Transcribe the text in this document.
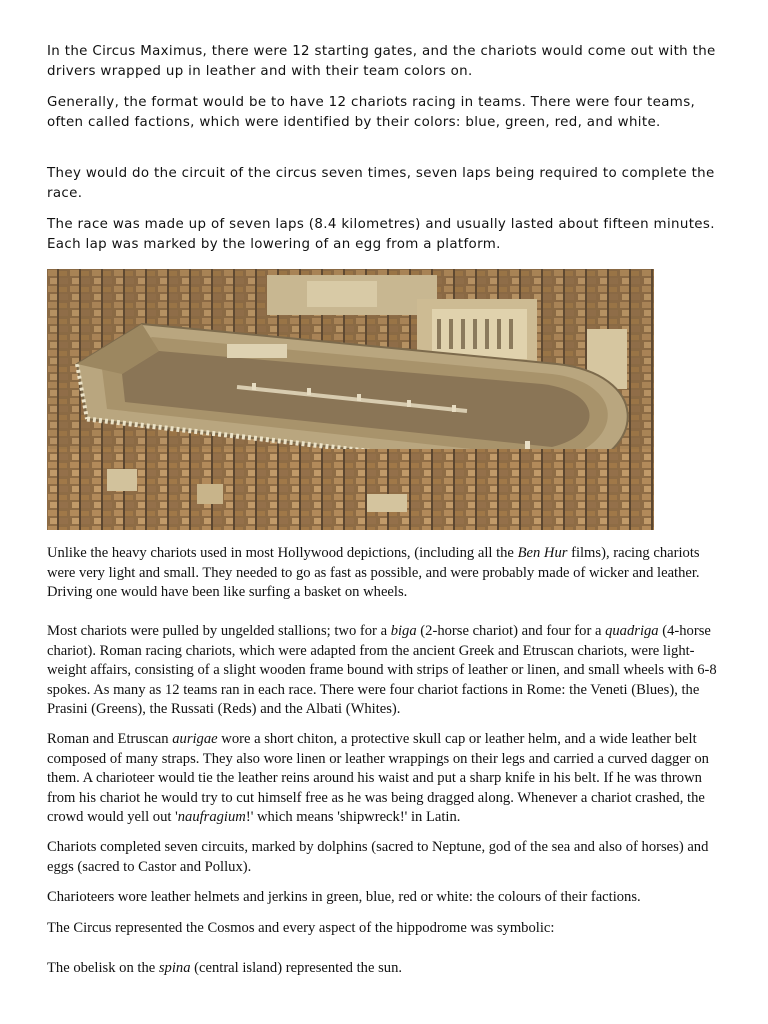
In the Circus Maximus, there were 12 starting gates, and the chariots would come out with the drivers wrapped up in leather and with their team colors on.

Generally, the format would be to have 12 chariots racing in teams. There were four teams, often called factions, which were identified by their colors: blue, green, red, and white.

They would do the circuit of the circus seven times, seven laps being required to complete the race.

The race was made up of seven laps (8.4 kilometres) and usually lasted about fifteen minutes. Each lap was marked by the lowering of an egg from a platform.

Unlike the heavy chariots used in most Hollywood depictions, (including all the Ben Hur films), racing chariots were very light and small. They needed to go as fast as possible, and were probably made of wicker and leather. Driving one would have been like surfing a basket on wheels.

Most chariots were pulled by ungelded stallions; two for a biga (2-horse chariot) and four for a quadriga (4-horse chariot). Roman racing chariots, which were adapted from the ancient Greek and Etruscan chariots, were light-weight affairs, consisting of a slight wooden frame bound with strips of leather or linen, and small wheels with 6-8 spokes. As many as 12 teams ran in each race. There were four chariot factions in Rome: the Veneti (Blues), the Prasini (Greens), the Russati (Reds) and the Albati (Whites).

Roman and Etruscan aurigae wore a short chiton, a protective skull cap or leather helm, and a wide leather belt composed of many straps. They also wore linen or leather wrappings on their legs and carried a curved dagger on them. A charioteer would tie the leather reins around his waist and put a sharp knife in his belt. If he was thrown from his chariot he would try to cut himself free as he was being dragged along. Whenever a chariot crashed, the crowd would yell out 'naufragium!' which means 'shipwreck!' in Latin.

Chariots completed seven circuits, marked by dolphins (sacred to Neptune, god of the sea and also of horses) and eggs (sacred to Castor and Pollux).

Charioteers wore leather helmets and jerkins in green, blue, red or white: the colours of their factions.

The Circus represented the Cosmos and every aspect of the hippodrome was symbolic:

The obelisk on the spina (central island) represented the sun.
